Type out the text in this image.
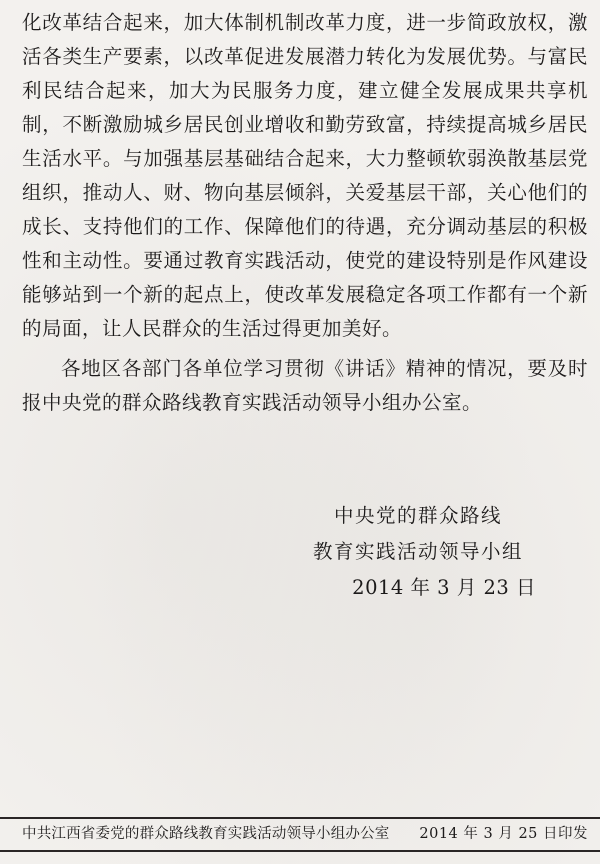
化改革结合起来，加大体制机制改革力度，进一步简政放权，激活各类生产要素，以改革促进发展潜力转化为发展优势。与富民利民结合起来，加大为民服务力度，建立健全发展成果共享机制，不断激励城乡居民创业增收和勤劳致富，持续提高城乡居民生活水平。与加强基层基础结合起来，大力整顿软弱涣散基层党组织，推动人、财、物向基层倾斜，关爱基层干部，关心他们的成长、支持他们的工作、保障他们的待遇，充分调动基层的积极性和主动性。要通过教育实践活动，使党的建设特别是作风建设能够站到一个新的起点上，使改革发展稳定各项工作都有一个新的局面，让人民群众的生活过得更加美好。

各地区各部门各单位学习贯彻《讲话》精神的情况，要及时报中央党的群众路线教育实践活动领导小组办公室。

中央党的群众路线
教育实践活动领导小组
2014 年 3 月 23 日
中共江西省委党的群众路线教育实践活动领导小组办公室 2014 年 3 月 25 日印发
